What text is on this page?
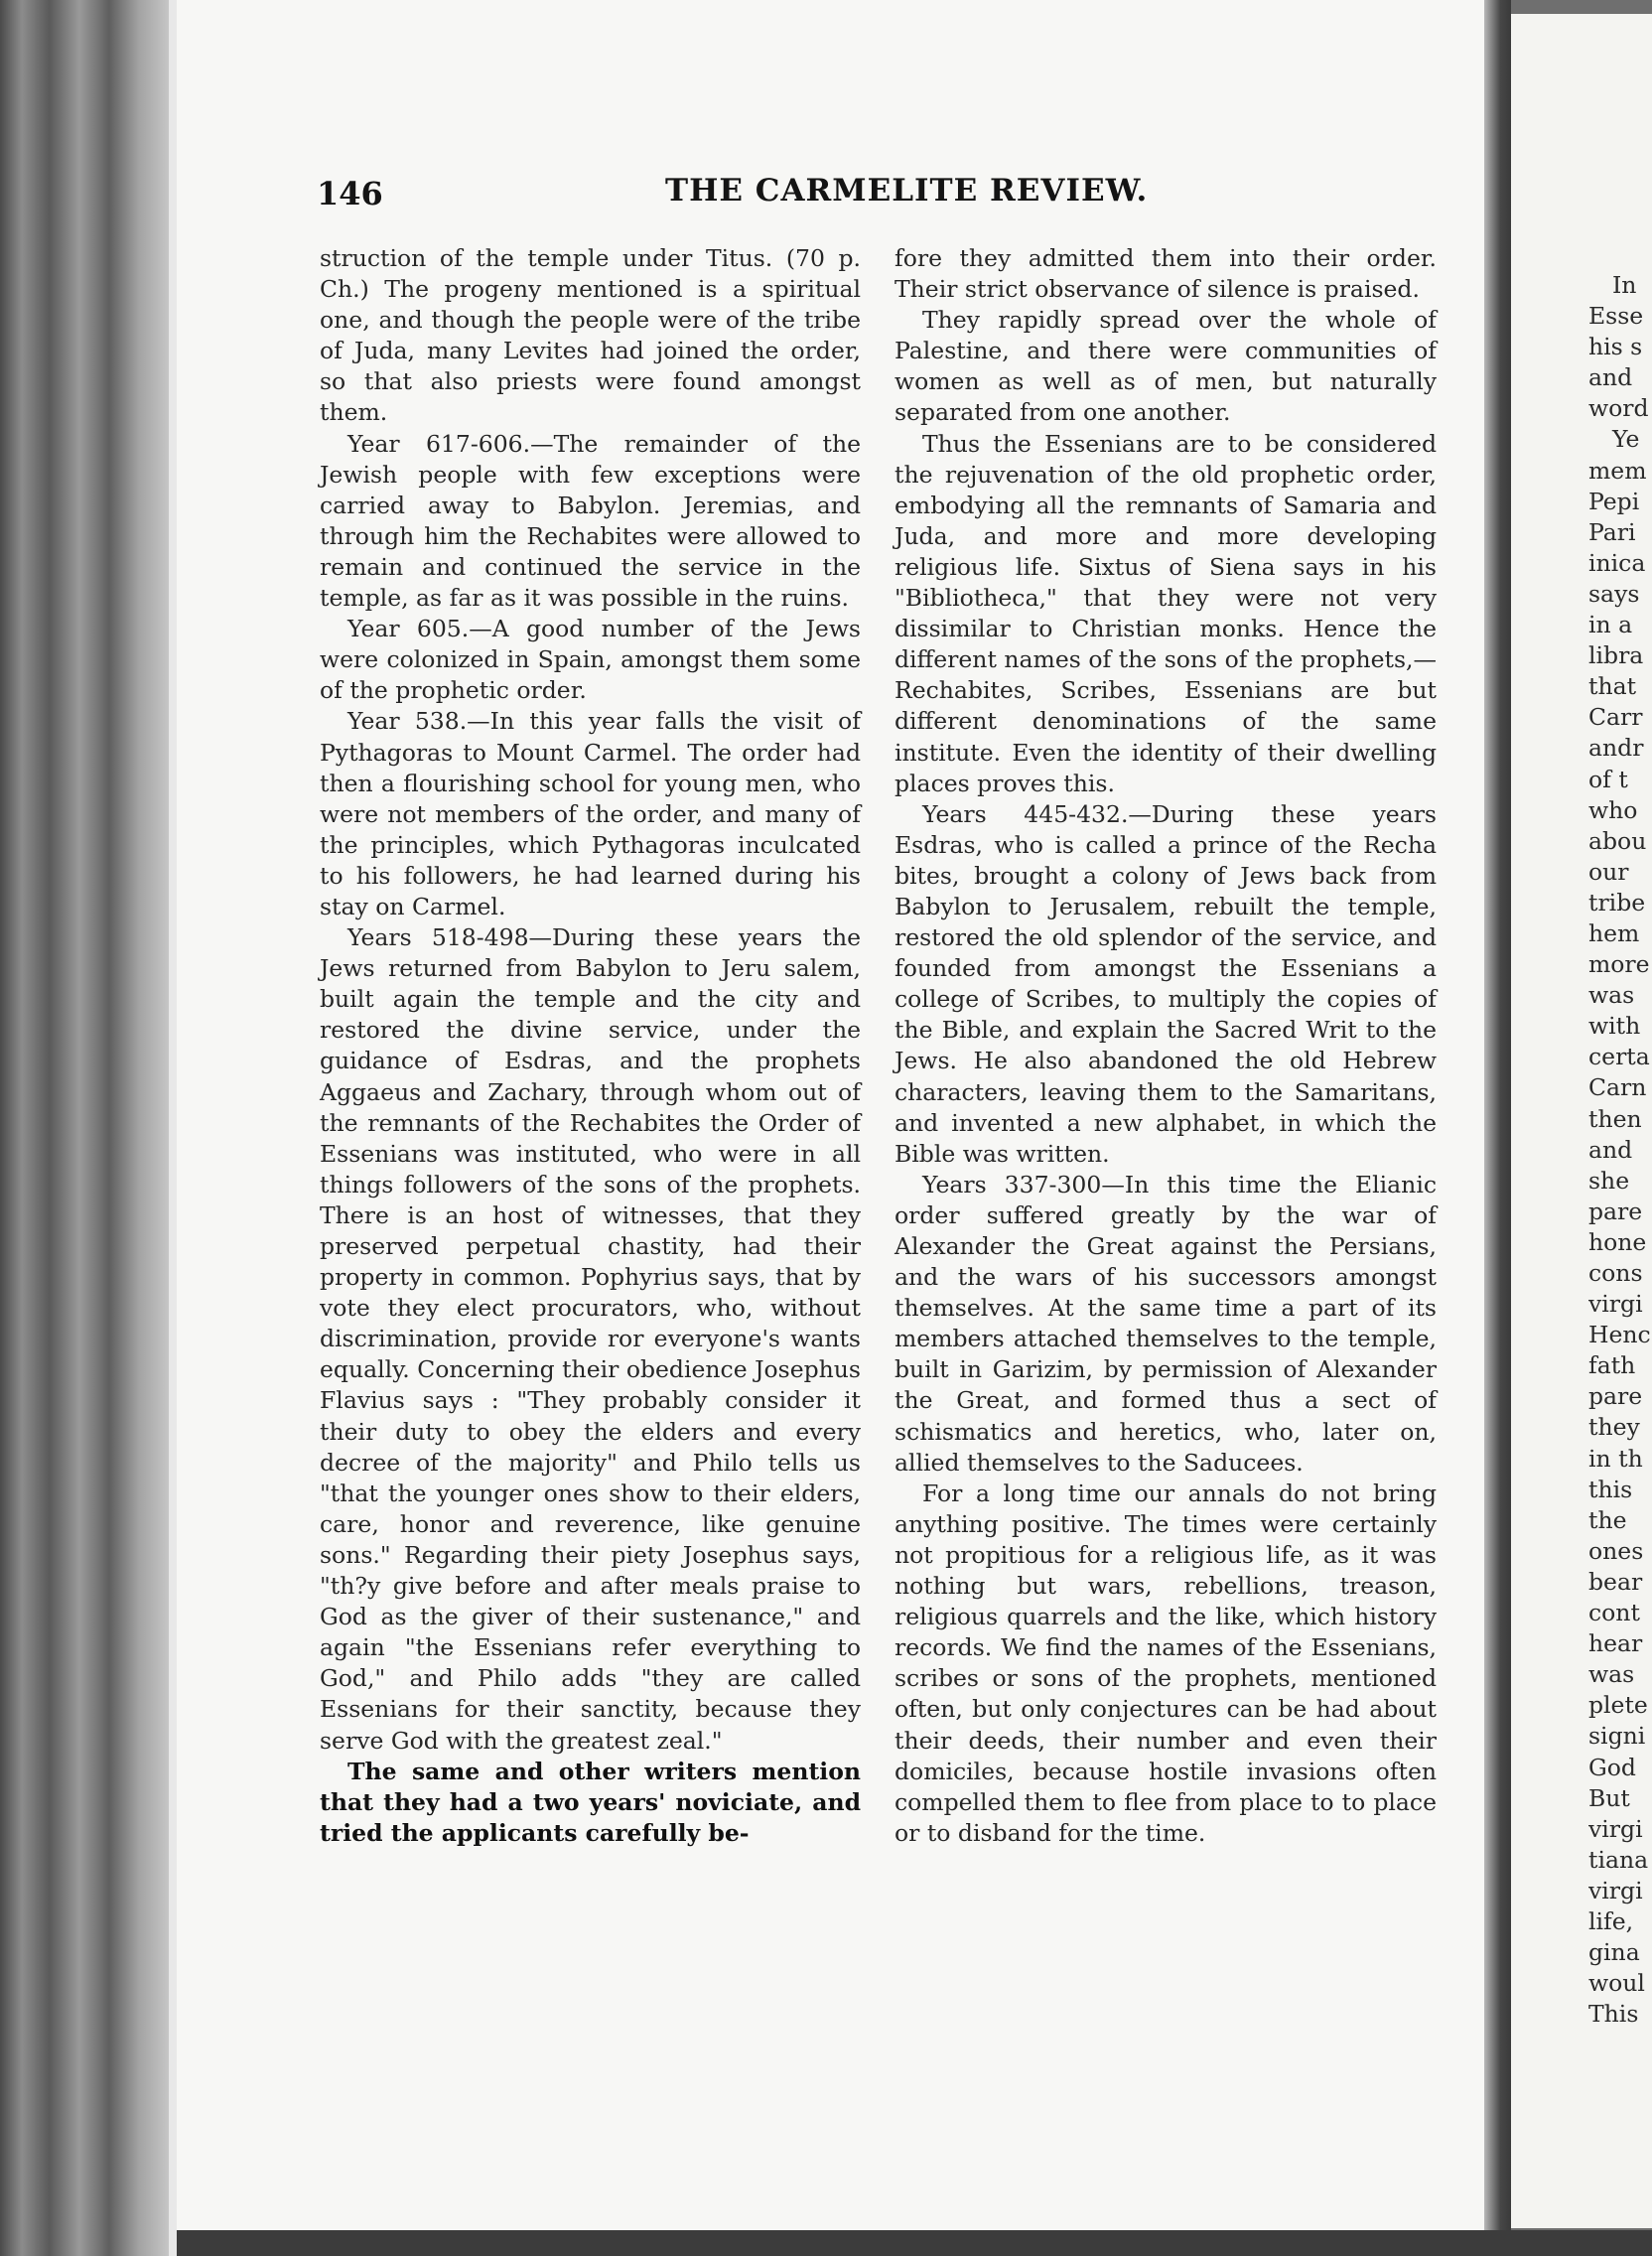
146	THE CARMELITE REVIEW.

struction of the temple under Titus. (70 p. Ch.) The progeny mentioned is a spiritual one, and though the people were of the tribe of Juda, many Levites had joined the order, so that also priests were found amongst them.

Year 617-606.—The remainder of the Jewish people with few exceptions were carried away to Babylon. Jeremias, and through him the Rechabites were allowed to remain and continued the service in the temple, as far as it was possible in the ruins.

Year 605.—A good number of the Jews were colonized in Spain, amongst them some of the prophetic order.

Year 538.—In this year falls the visit of Pythagoras to Mount Carmel. The order had then a flourishing school for young men, who were not members of the order, and many of the principles, which Pythagoras inculcated to his followers, he had learned during his stay on Carmel.

Years 518-498—During these years the Jews returned from Babylon to Jeru salem, built again the temple and the city and restored the divine service, under the guidance of Esdras, and the prophets Aggaeus and Zachary, through whom out of the remnants of the Rechabites the Order of Essenians was instituted, who were in all things followers of the sons of the prophets. There is an host of witnesses, that they preserved perpetual chastity, had their property in common. Pophyrius says, that by vote they elect procurators, who, without discrimination, provide ror everyone's wants equally. Concerning their obedience Josephus Flavius says : "They probably consider it their duty to obey the elders and every decree of the majority" and Philo tells us "that the younger ones show to their elders, care, honor and reverence, like genuine sons." Regarding their piety Josephus says, "th?y give before and after meals praise to God as the giver of their sustenance," and again "the Essenians refer everything to God," and Philo adds "they are called Essenians for their sanctity, because they serve God with the greatest zeal."

The same and other writers mention that they had a two years' noviciate, and tried the applicants carefully be-

fore they admitted them into their order. Their strict observance of silence is praised.

They rapidly spread over the whole of Palestine, and there were communities of women as well as of men, but naturally separated from one another.

Thus the Essenians are to be considered the rejuvenation of the old prophetic order, embodying all the remnants of Samaria and Juda, and more and more developing religious life. Sixtus of Siena says in his "Bibliotheca," that they were not very dissimilar to Christian monks. Hence the different names of the sons of the prophets,—Rechabites, Scribes, Essenians are but different denominations of the same institute. Even the identity of their dwelling places proves this.

Years 445-432.—During these years Esdras, who is called a prince of the Recha bites, brought a colony of Jews back from Babylon to Jerusalem, rebuilt the temple, restored the old splendor of the service, and founded from amongst the Essenians a college of Scribes, to multiply the copies of the Bible, and explain the Sacred Writ to the Jews. He also abandoned the old Hebrew characters, leaving them to the Samaritans, and invented a new alphabet, in which the Bible was written.

Years 337-300—In this time the Elianic order suffered greatly by the war of Alexander the Great against the Persians, and the wars of his successors amongst themselves. At the same time a part of its members attached themselves to the temple, built in Garizim, by permission of Alexander the Great, and formed thus a sect of schismatics and heretics, who, later on, allied themselves to the Saducees.

For a long time our annals do not bring anything positive. The times were certainly not propitious for a religious life, as it was nothing but wars, rebellions, treason, religious quarrels and the like, which history records. We find the names of the Essenians, scribes or sons of the prophets, mentioned often, but only conjectures can be had about their deeds, their number and even their domiciles, because hostile invasions often compelled them to flee from place to to place or to disband for the time.

In
Esse
his s
and
word
Ye
mem
Pepi
Pari
inica
says
in a
libra
that
Carr
andr
of t
who
abou
our
tribe
hem
more
was
with
certa
Carn
then
and
she
pare
hone
cons
virgi
Henc
fath
pare
they
in th
this
the
ones
bear
cont
hear
was
plete
signi
God
But
virgi
tiana
virgi
life,
gina
woul
This
